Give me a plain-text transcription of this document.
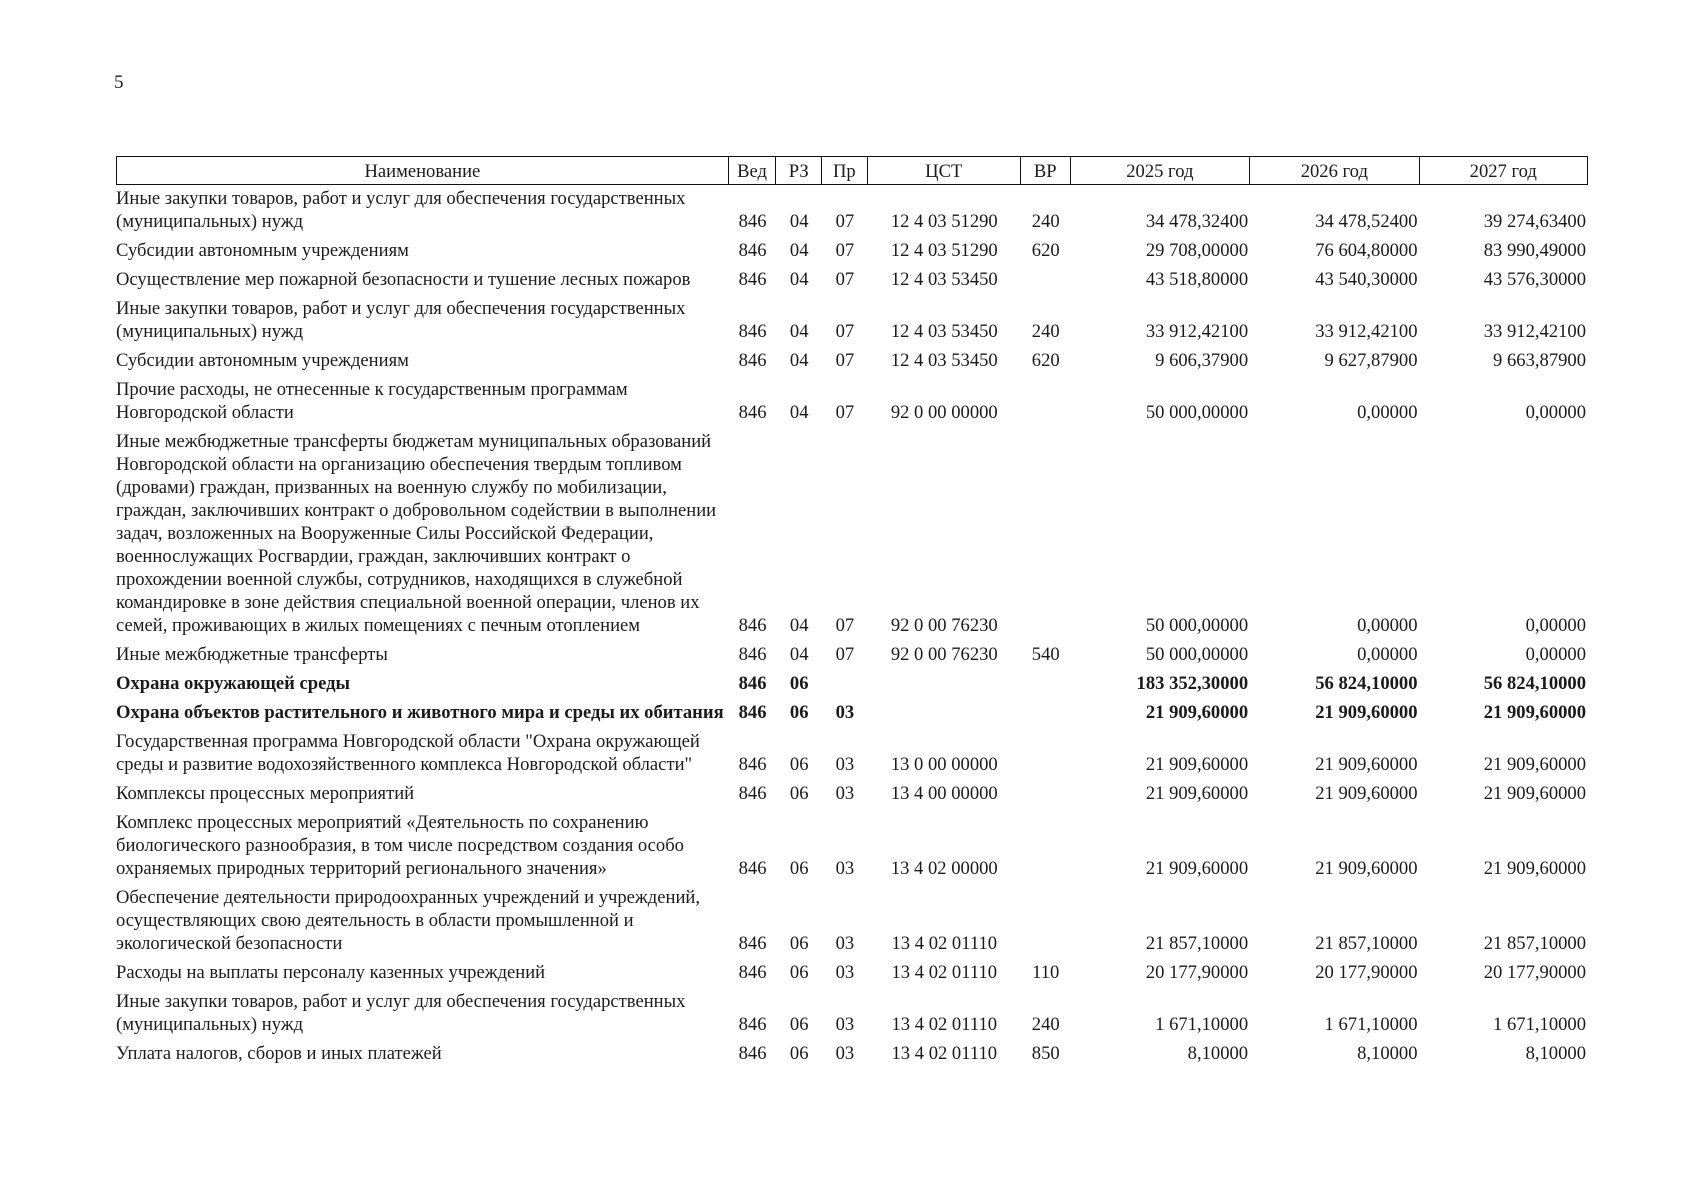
5
Наименование	Вед	РЗ	Пр	ЦСТ	ВР	2025 год	2026 год	2027 год
Иные закупки товаров, работ и услуг для обеспечения государственных (муниципальных) нужд	846	04	07	12 4 03 51290	240	34 478,32400	34 478,52400	39 274,63400
Субсидии автономным учреждениям	846	04	07	12 4 03 51290	620	29 708,00000	76 604,80000	83 990,49000
Осуществление мер пожарной безопасности и тушение лесных пожаров	846	04	07	12 4 03 53450		43 518,80000	43 540,30000	43 576,30000
Иные закупки товаров, работ и услуг для обеспечения государственных (муниципальных) нужд	846	04	07	12 4 03 53450	240	33 912,42100	33 912,42100	33 912,42100
Субсидии автономным учреждениям	846	04	07	12 4 03 53450	620	9 606,37900	9 627,87900	9 663,87900
Прочие расходы, не отнесенные к государственным программам Новгородской области	846	04	07	92 0 00 00000		50 000,00000	0,00000	0,00000
Иные межбюджетные трансферты бюджетам муниципальных образований Новгородской области на организацию обеспечения твердым топливом (дровами) граждан, призванных на военную службу по мобилизации, граждан, заключивших контракт о добровольном содействии в выполнении задач, возложенных на Вооруженные Силы Российской Федерации, военнослужащих Росгвардии, граждан, заключивших контракт о прохождении военной службы, сотрудников, находящихся в служебной командировке в зоне действия специальной военной операции, членов их семей, проживающих в жилых помещениях с печным отоплением	846	04	07	92 0 00 76230		50 000,00000	0,00000	0,00000
Иные межбюджетные трансферты	846	04	07	92 0 00 76230	540	50 000,00000	0,00000	0,00000
Охрана окружающей среды	846	06				183 352,30000	56 824,10000	56 824,10000
Охрана объектов растительного и животного мира и среды их обитания	846	06	03			21 909,60000	21 909,60000	21 909,60000
Государственная программа Новгородской области "Охрана окружающей среды и развитие водохозяйственного комплекса Новгородской области"	846	06	03	13 0 00 00000		21 909,60000	21 909,60000	21 909,60000
Комплексы процессных мероприятий	846	06	03	13 4 00 00000		21 909,60000	21 909,60000	21 909,60000
Комплекс процессных мероприятий «Деятельность по сохранению биологического разнообразия, в том числе посредством создания особо охраняемых природных территорий регионального значения»	846	06	03	13 4 02 00000		21 909,60000	21 909,60000	21 909,60000
Обеспечение деятельности природоохранных учреждений и учреждений, осуществляющих свою деятельность в области промышленной и экологической безопасности	846	06	03	13 4 02 01110		21 857,10000	21 857,10000	21 857,10000
Расходы на выплаты персоналу казенных учреждений	846	06	03	13 4 02 01110	110	20 177,90000	20 177,90000	20 177,90000
Иные закупки товаров, работ и услуг для обеспечения государственных (муниципальных) нужд	846	06	03	13 4 02 01110	240	1 671,10000	1 671,10000	1 671,10000
Уплата налогов, сборов и иных платежей	846	06	03	13 4 02 01110	850	8,10000	8,10000	8,10000
